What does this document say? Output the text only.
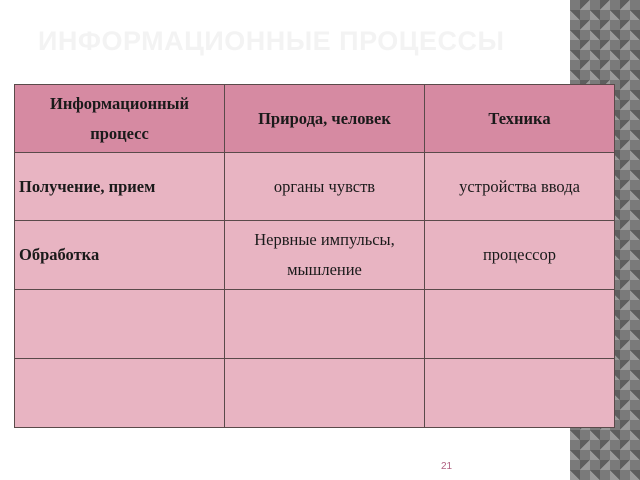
ИНФОРМАЦИОННЫЕ ПРОЦЕССЫ
Информационный процесс	Природа, человек	Техника
Получение, прием	органы чувств	устройства ввода
Обработка	Нервные импульсы, мышление	процессор

21
